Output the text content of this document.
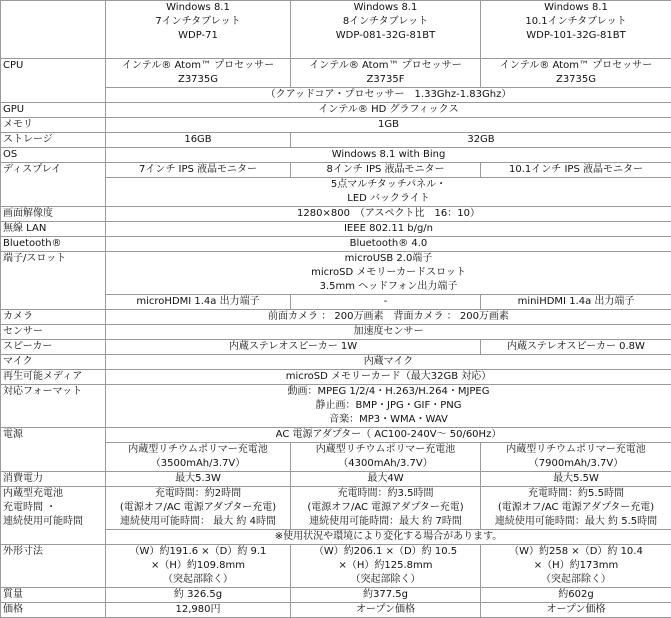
	Windows 8.1
7インチタブレット
WDP-71	Windows 8.1
8インチタブレット
WDP-081-32G-81BT	Windows 8.1
10.1インチタブレット
WDP-101-32G-81BT

CPU	インテル® Atom™ プロセッサー
Z3735G	インテル® Atom™ プロセッサー
Z3735F	インテル® Atom™ プロセッサー
Z3735G

	（クアッドコア・プロセッサー　1.33Ghz-1.83Ghz）		
GPU	インテル® HD グラフィックス		
メモリ	1GB		
ストレージ	16GB	32GB	
OS	Windows 8.1 with Bing		
ディスプレイ	7インチ IPS 液晶モニター	8インチ IPS 液晶モニター	10.1インチ IPS 液晶モニター

	5点マルチタッチパネル・
LED バックライト		

画面解像度	1280×800　（アスペクト比　16：10）		
無線 LAN	IEEE 802.11 b/g/n		
Bluetooth®	Bluetooth® 4.0		
端子/スロット	microUSB 2.0端子
microSD メモリーカードスロット
3.5mm ヘッドフォン出力端子		

	microHDMI 1.4a 出力端子	-	miniHDMI 1.4a 出力端子
カメラ	前面カメラ ： 200万画素　背面カメラ ： 200万画素		
センサー	加速度センサー		
スピーカー	内蔵ステレオスピーカー 1W		内蔵ステレオスピーカー 0.8W
マイク	内蔵マイク		
再生可能メディア	microSD メモリーカード（最大32GB 対応）		
対応フォーマット	動画：MPEG 1/2/4・H.263/H.264・MJPEG
静止画：BMP・JPG・GIF・PNG
音楽：MP3・WMA・WAV		

電源	AC 電源アダプター（ AC100-240V～ 50/60Hz）		

	内蔵型リチウムポリマー充電池
（3500mAh/3.7V）	内蔵型リチウムポリマー充電池
（4300mAh/3.7V）	内蔵型リチウムポリマー充電池
（7900mAh/3.7V）

消費電力	最大5.3W	最大4W	最大5.5W

内蔵型充電池
充電時間 ・
連続使用可能時間	充電時間：約2時間
(電源オフ/AC 電源アダプター充電)
連続使用可能時間： 最大 約 4時間	充電時間：約3.5時間
(電源オフ/AC 電源アダプター充電)
連続使用可能時間：最大 約 7時間	充電時間：約5.5時間
(電源オフ/AC 電源アダプター充電)
連続使用可能時間：最大 約 5.5時間

	※使用状況や環境により変化する場合があります。		
外形寸法	（W）約191.6 ×（D）約 9.1
×（H）約109.8mm
（突起部除く）	（W）約206.1 ×（D）約 10.5
×（H）約125.8mm
（突起部除く）	（W）約258 ×（D）約 10.4
×（H）約173mm
（突起部除く）

質量	約 326.5g	約377.5g	約602g
価格	12,980円	オープン価格	オープン価格
